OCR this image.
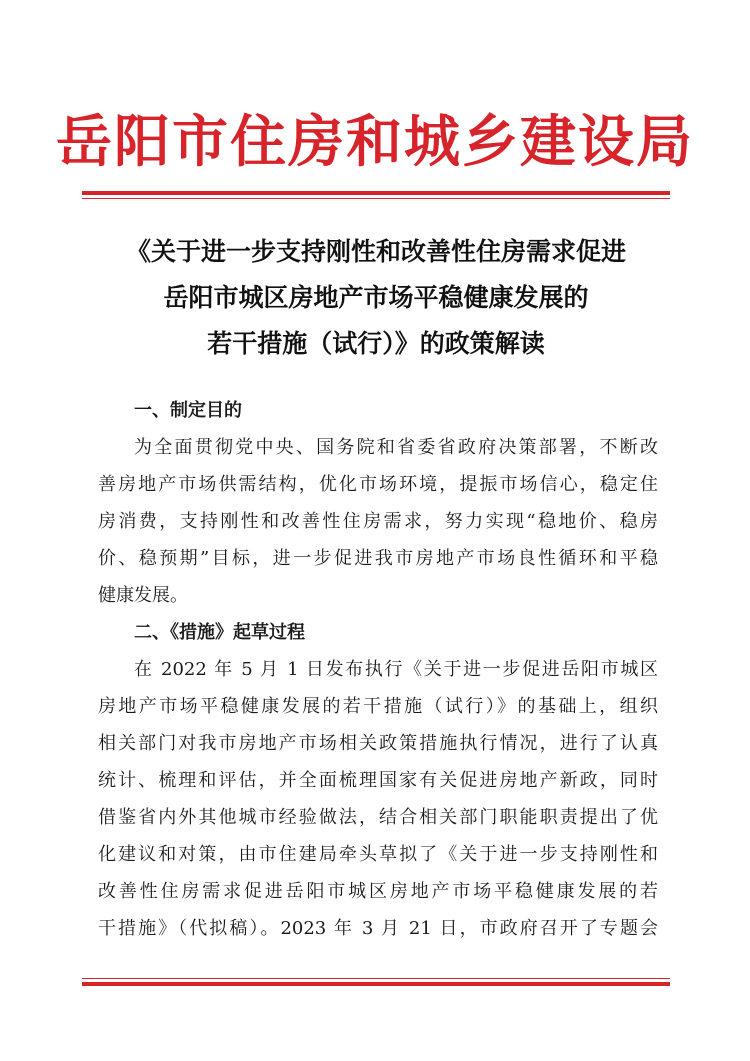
岳阳市住房和城乡建设局
《关于进一步支持刚性和改善性住房需求促进
岳阳市城区房地产市场平稳健康发展的
若干措施（试行）》的政策解读
一、制定目的
为全面贯彻党中央、国务院和省委省政府决策部署，不断改
善房地产市场供需结构，优化市场环境，提振市场信心，稳定住
房消费，支持刚性和改善性住房需求，努力实现“稳地价、稳房
价、稳预期”目标，进一步促进我市房地产市场良性循环和平稳
健康发展。
二、《措施》起草过程
在 2022 年 5 月 1 日发布执行《关于进一步促进岳阳市城区
房地产市场平稳健康发展的若干措施（试行）》的基础上，组织
相关部门对我市房地产市场相关政策措施执行情况，进行了认真
统计、梳理和评估，并全面梳理国家有关促进房地产新政，同时
借鉴省内外其他城市经验做法，结合相关部门职能职责提出了优
化建议和对策，由市住建局牵头草拟了《关于进一步支持刚性和
改善性住房需求促进岳阳市城区房地产市场平稳健康发展的若
干措施》（代拟稿）。2023 年 3 月 21 日，市政府召开了专题会
